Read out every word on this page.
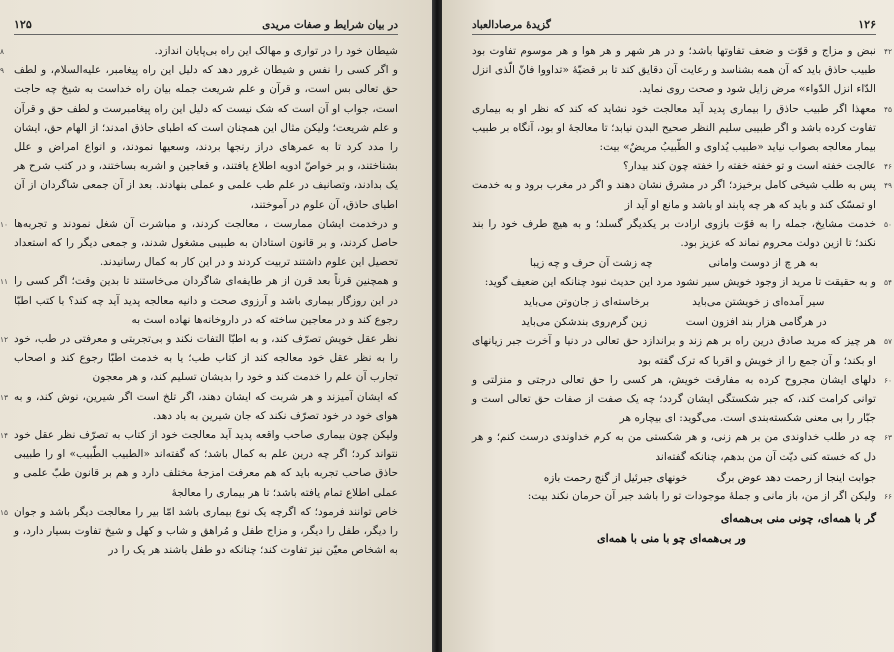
در بیان شرایط و صفات مریدی
۱۲۵

۸	شیطان خود را در تواری و مهالک این راه بی‌پایان اندازد.

۹ و اگر کسی را نفس و شیطان غرور دهد که دلیل این راه پیغامبر، علیه‌السلام، و لطف حق تعالی بس است، و قرآن و علم شریعت جمله بیان راه خداست به شیخ چه حاجت است، جواب او آن است که شک نیست که دلیل این راه پیغامبرست و لطف حق و قرآن و علم شریعت؛ ولیکن مثال این همچنان است که اطبای حاذق امدند؛ از الهام حق، ایشان را مدد کرد تا به عمرهای دراز رنجها بردند، وسعیها نمودند، و انواع امراض و علل بشناختند، و بر خواصّ ادویه اطلاع یافتند، و قعاجین و اشربه بساختند، و در کتب شرح هر یک بدادند، وتصانیف در علم طب علمی و عملی بنهادند. بعد از آن جمعی شاگردان از آن اطبای حاذق، آن علوم در آموختند،

۱۰ و درخدمت ایشان ممارست ، معالجت کردند، و مباشرت آن شغل نمودند و تجربه‌ها حاصل کردند، و بر قانون استادان به طبیبی مشغول شدند، و جمعی دیگر را که استعداد تحصیل این علوم داشتند تربیت کردند و در این کار به کمال رسانیدند.

۱۱ و همچنین قرناً بعد قرن از هر طایفه‌ای شاگردان می‌خاستند تا بدین وقت؛ اگر کسی را در این روزگار بیماری باشد و آرزوی صحت و دانیه معالجه پدید آید چه کند؟ با کتب اطبّا رجوع کند و در معاجین ساخته که در داروخانه‌ها نهاده است به

۱۲ نظر عقل خویش تصرّف کند، و به اطبّا التفات نکند و بی‌تجربتی و معرفتی در طب، خود را به نظر عقل خود معالجه کند از کتاب طب؛ یا به خدمت اطبّا رجوع کند و اصحاب تجارب آن علم را خدمت کند و خود را بدیشان تسلیم کند، و هر معجون

۱۳ که ایشان آمیزند و هر شربت که ایشان دهند، اگر تلخ است اگر شیرین، نوش کند، و به هوای خود در خود تصرّف نکند که جان شیرین به باد دهد.

۱۴ ولیکن چون بیماری صاحب واقعه پدید آید معالجت خود از کتاب به تصرّف نظر عقل خود نتواند کرد؛ اگر چه درین علم به کمال باشد؛ که گفته‌اند «الطبیب الطّبیب» او را طبیبی حاذق صاحب تجربه باید که هم معرفت امزجهٔ مختلف دارد و هم بر قانون طبّ علمی و عملی اطلاع تمام یافته باشد؛ تا هر بیماری را معالجهٔ

۱۵ خاص توانند فرمود؛ که اگرچه یک نوع بیماری باشد امّا بیر را معالجت دیگر باشد و جوان را دیگر، طفل را دیگر، و مزاج طفل و مُراهق و شاب و کهل و شیخ تفاوت بسیار دارد، و به اشخاص معیّن نیز تفاوت کند؛ چنانکه دو طفل باشند هر یک را در

۱۲۶
گزیدهٔ مرصادالعباد

۴۲
نبض و مزاج و قوّت و ضعف تفاوتها باشد؛ و در هر شهر و هر هوا و هر موسوم تفاوت بود طبیب حاذق باید که آن همه بشناسد و رعایت آن دقایق کند تا بر قضیّهٔ «تداووا فانّ الّذی انزل الدّاء انزل الدّواء» مرض زایل شود و صحت روی نماید.

۴۵
معهذا اگر طبیب حاذق را بیماری پدید آید معالجت خود نشاید که کند که نظر او به بیماری تفاوت کرده باشد و اگر طبیبی سلیم النظر صحیح البدن نیابد؛ تا معالجهٔ او بود، آنگاه بر طبیب بیمار معالجه بصواب نیاید «طبیب یُداوی و الطّبیبُ مریضٌ» بیت:

۴۶
عالجت خفته است و تو خفته خفته را خفته چون کند بیدار؟

۴۹
پس به طلب شیخی کامل برخیزد؛ اگر در مشرق نشان دهند و اگر در مغرب برود و به خدمت او تمسّک کند و باید که هر چه پابند او باشد و مانع او آید از

۵۰
خدمت مشایخ، جمله را به قوّت بازوی ارادت بر یکدیگر گسلد؛ و به هیچ طرف خود را بند نکند؛ تا ازین دولت محروم نماند که عزیز بود.

به هر چ از دوست وامانی
چه زشت آن حرف و چه زیبا

۵۴
و به حقیقت تا مرید از وجود خویش سیر نشود مرد این حدیث نبود چنانکه این ضعیف گوید:

سیر آمده‌ای ز خویشتن می‌باید
برخاسته‌ای ز جان‌وتن می‌باید
در هرگامی هزار بند افزون است
زین گرم‌روی بندشکن می‌باید

۵۷
هر چیز که مرید صادق درین راه بر هم زند و براندازد حق تعالی در دنیا و آخرت جبر زیانهای او بکند؛ و آن جمع را از خویش و اقربا که ترک گفته بود

۶۰
دلهای ایشان مجروح کرده به مفارقت خویش، هر کسی را حق تعالی درجتی و منزلتی و توانی کرامت کند، که جبر شکستگی ایشان گردد؛ چه یک صفت از صفات حق تعالی است و جبّار را بی معنی شکسته‌بندی است. می‌گوید: ای بیچاره هر

۶۳
چه در طلب خداوندی من بر هم زنی، و هر شکستی من به کرم خداوندی درست کنم؛ و هر دل که خسته کنی دیّت آن من بدهم، چنانکه گفته‌اند

جوابت اینجا از رحمت دهد عوض برگ خونهای جبرئیل از گنج رحمت بازه

۶۶
ولیکن اگر از من، باز مانی و جملهٔ موجودات تو را باشد جبر آن حرمان نکند بیت:

گر با همه‌ای، چونی منی بی‌همه‌ای
ور بی‌همه‌ای چو با منی با همه‌ای
